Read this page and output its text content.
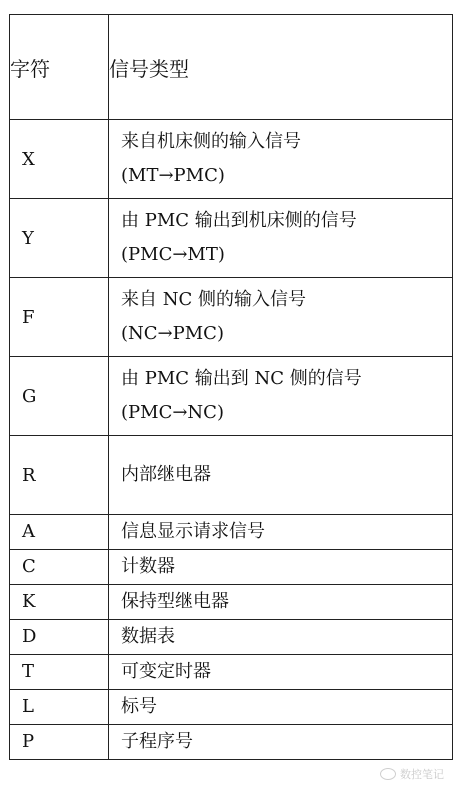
字符	信号类型
X	来自机床侧的输入信号
(MT→PMC)

Y	由 PMC 输出到机床侧的信号
(PMC→MT)

F	来自 NC 侧的输入信号
(NC→PMC)

G	由 PMC 输出到 NC 侧的信号
(PMC→NC)

R	内部继电器

A	信息显示请求信号

C	计数器

K	保持型继电器

D	数据表

T	可变定时器

L	标号

P	子程序号
数控笔记
